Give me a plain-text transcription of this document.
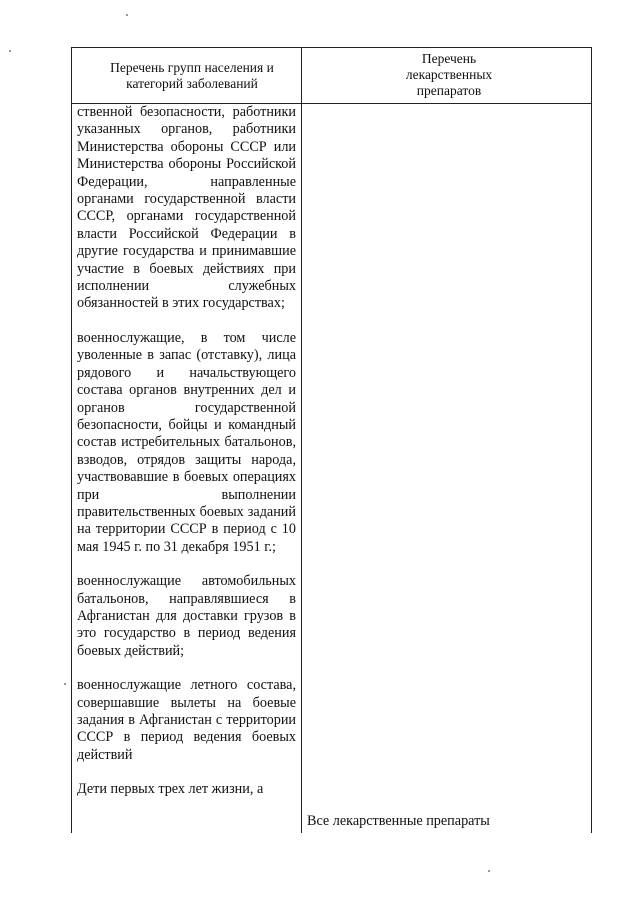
Перечень групп населения и категорий заболеваний
Перечень лекарственных препаратов

ственной безопасности, работники указанных органов, работники Министерства обороны СССР или Министерства обороны Российской Федерации, направленные органами государственной власти СССР, органами государственной власти Российской Федерации в другие государства и принимавшие участие в боевых действиях при исполнении служебных обязанностей в этих государствах;

военнослужащие, в том числе уволенные в запас (отставку), лица рядового и начальствующего состава органов внутренних дел и органов государственной безопасности, бойцы и командный состав истребительных батальонов, взводов, отрядов защиты народа, участвовавшие в боевых операциях при выполнении правительственных боевых заданий на территории СССР в период с 10 мая 1945 г. по 31 декабря 1951 г.;

военнослужащие автомобильных батальонов, направлявшиеся в Афганистан для доставки грузов в это государство в период ведения боевых действий;

военнослужащие летного состава, совершавшие вылеты на боевые задания в Афганистан с территории СССР в период ведения боевых действий

Дети первых трех лет жизни, а

Все лекарственные препараты
